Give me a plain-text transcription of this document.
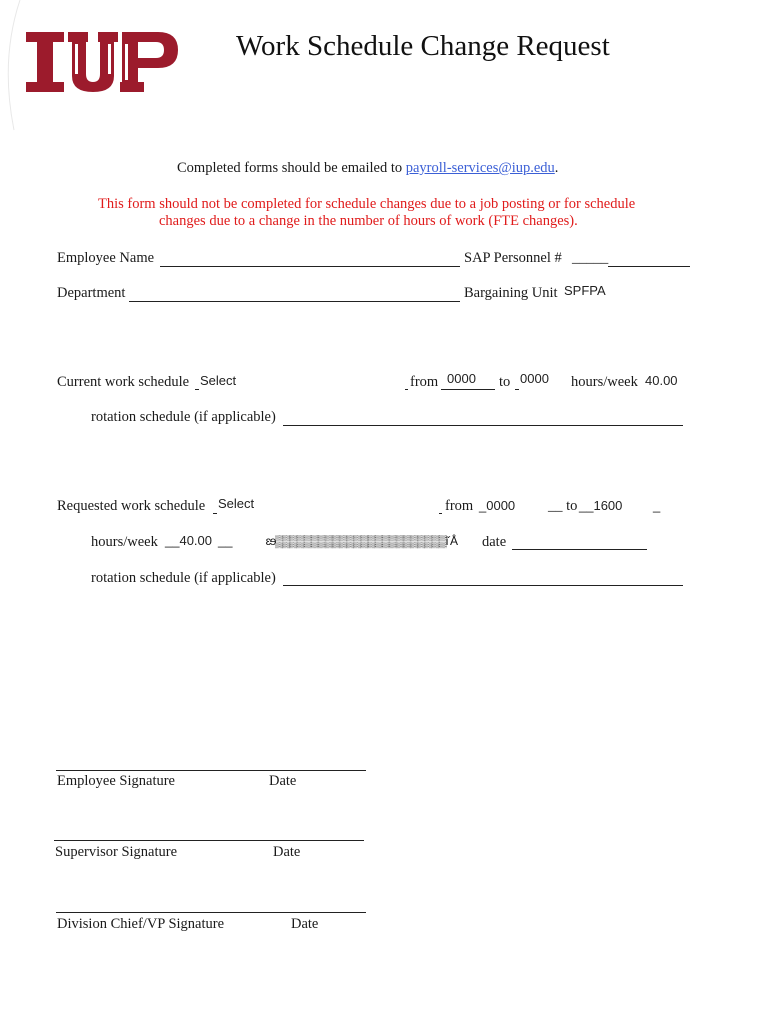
Work Schedule Change Request
Completed forms should be emailed to payroll-services@iup.edu.
This form should not be completed for schedule changes due to a job posting or for schedule
changes due to a change in the number of hours of work (FTE changes).
Employee Name	SAP Personnel # _____
Department	Bargaining Unit SPFPA
Current work schedule Select	from 0000 to 0000 hours/week 40.00
rotation schedule (if applicable)
Requested work schedule Select	from _0000 __ to __1600 _
hours/week __40.00 __ 　ɛɘ▒▒▒▒▒▒▒▒▒▒▒▒▒▒▒▒▒▒▒▒▒▒▒▒î´Å date
rotation schedule (if applicable)
Employee Signature	Date
Supervisor Signature	Date
Division Chief/VP Signature	Date
